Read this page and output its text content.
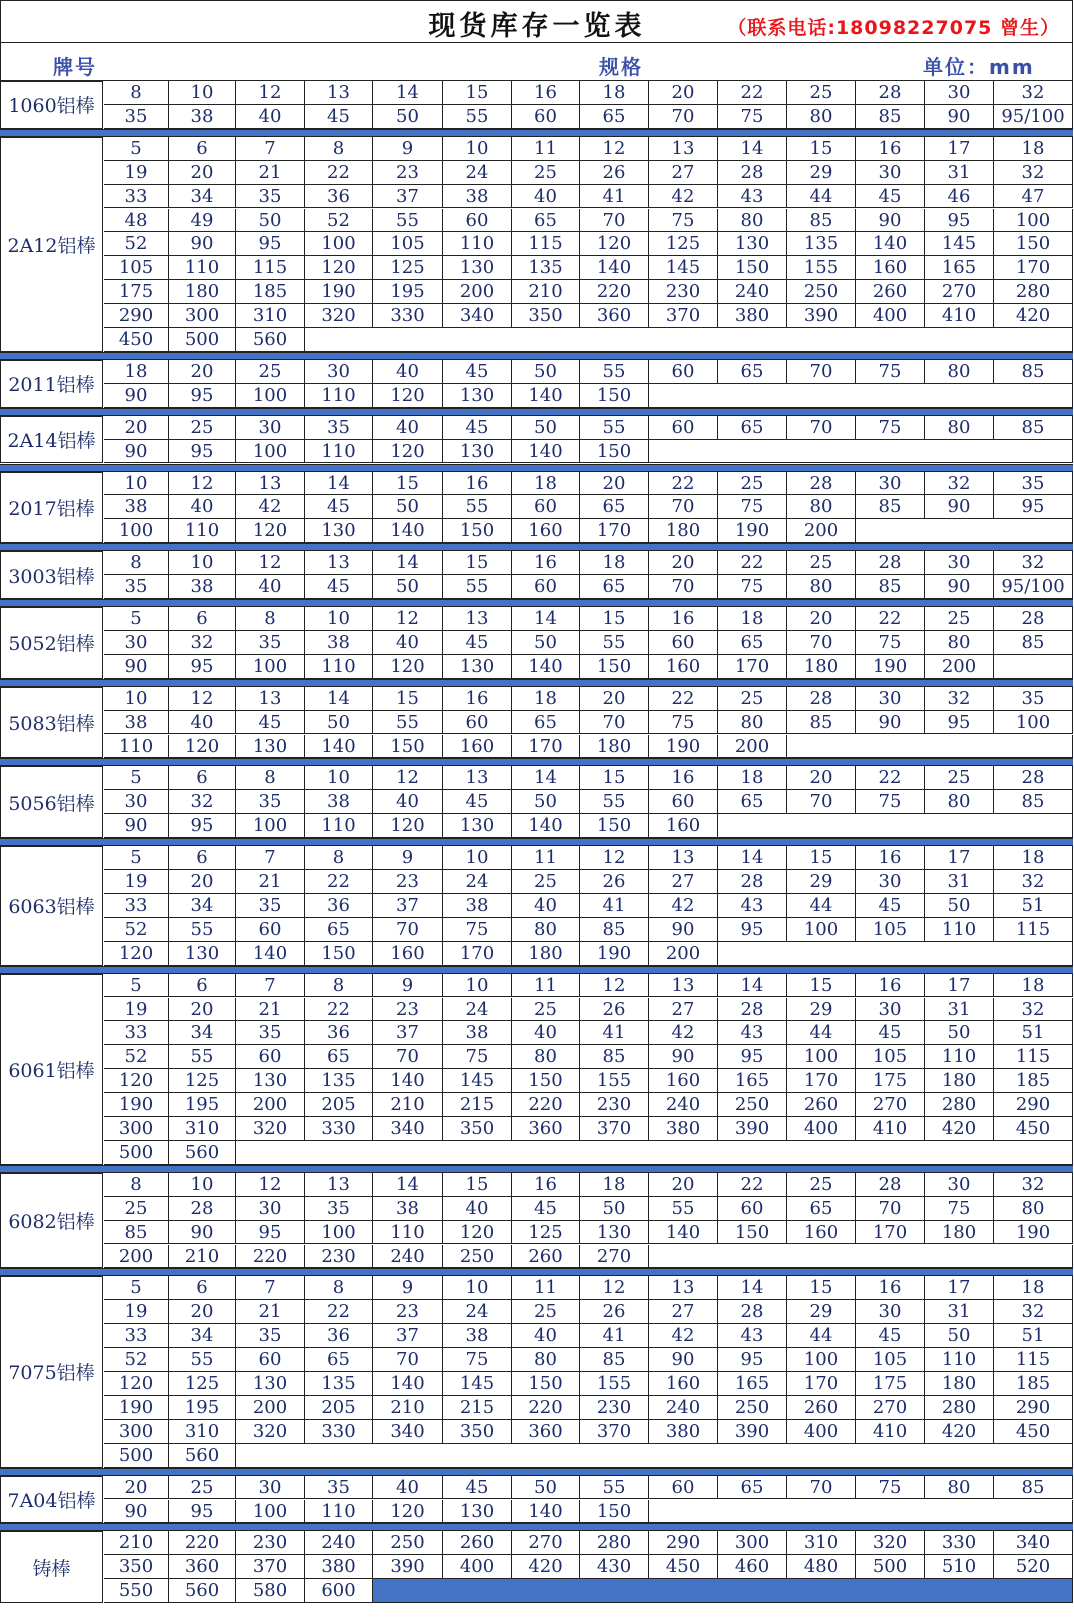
现货库存一览表	（联系电话:18098227075 曾生）
牌号	规格	单位：mm
1060铝棒
8	10	12	13	14	15	16	18	20	22	25	28	30	32
35	38	40	45	50	55	60	65	70	75	80	85	90	95/100
2A12铝棒
5	6	7	8	9	10	11	12	13	14	15	16	17	18
19	20	21	22	23	24	25	26	27	28	29	30	31	32
33	34	35	36	37	38	40	41	42	43	44	45	46	47
48	49	50	52	55	60	65	70	75	80	85	90	95	100
52	90	95	100	105	110	115	120	125	130	135	140	145	150
105	110	115	120	125	130	135	140	145	150	155	160	165	170
175	180	185	190	195	200	210	220	230	240	250	260	270	280
290	300	310	320	330	340	350	360	370	380	390	400	410	420
450	500	560
2011铝棒
18	20	25	30	40	45	50	55	60	65	70	75	80	85
90	95	100	110	120	130	140	150
2A14铝棒
20	25	30	35	40	45	50	55	60	65	70	75	80	85
90	95	100	110	120	130	140	150
2017铝棒
10	12	13	14	15	16	18	20	22	25	28	30	32	35
38	40	42	45	50	55	60	65	70	75	80	85	90	95
100	110	120	130	140	150	160	170	180	190	200
3003铝棒
8	10	12	13	14	15	16	18	20	22	25	28	30	32
35	38	40	45	50	55	60	65	70	75	80	85	90	95/100
5052铝棒
5	6	8	10	12	13	14	15	16	18	20	22	25	28
30	32	35	38	40	45	50	55	60	65	70	75	80	85
90	95	100	110	120	130	140	150	160	170	180	190	200
5083铝棒
10	12	13	14	15	16	18	20	22	25	28	30	32	35
38	40	45	50	55	60	65	70	75	80	85	90	95	100
110	120	130	140	150	160	170	180	190	200
5056铝棒
5	6	8	10	12	13	14	15	16	18	20	22	25	28
30	32	35	38	40	45	50	55	60	65	70	75	80	85
90	95	100	110	120	130	140	150	160
6063铝棒
5	6	7	8	9	10	11	12	13	14	15	16	17	18
19	20	21	22	23	24	25	26	27	28	29	30	31	32
33	34	35	36	37	38	40	41	42	43	44	45	50	51
52	55	60	65	70	75	80	85	90	95	100	105	110	115
120	130	140	150	160	170	180	190	200
6061铝棒
5	6	7	8	9	10	11	12	13	14	15	16	17	18
19	20	21	22	23	24	25	26	27	28	29	30	31	32
33	34	35	36	37	38	40	41	42	43	44	45	50	51
52	55	60	65	70	75	80	85	90	95	100	105	110	115
120	125	130	135	140	145	150	155	160	165	170	175	180	185
190	195	200	205	210	215	220	230	240	250	260	270	280	290
300	310	320	330	340	350	360	370	380	390	400	410	420	450
500	560
6082铝棒
8	10	12	13	14	15	16	18	20	22	25	28	30	32
25	28	30	35	38	40	45	50	55	60	65	70	75	80
85	90	95	100	110	120	125	130	140	150	160	170	180	190
200	210	220	230	240	250	260	270
7075铝棒
5	6	7	8	9	10	11	12	13	14	15	16	17	18
19	20	21	22	23	24	25	26	27	28	29	30	31	32
33	34	35	36	37	38	40	41	42	43	44	45	50	51
52	55	60	65	70	75	80	85	90	95	100	105	110	115
120	125	130	135	140	145	150	155	160	165	170	175	180	185
190	195	200	205	210	215	220	230	240	250	260	270	280	290
300	310	320	330	340	350	360	370	380	390	400	410	420	450
500	560
7A04铝棒
20	25	30	35	40	45	50	55	60	65	70	75	80	85
90	95	100	110	120	130	140	150
铸棒
210	220	230	240	250	260	270	280	290	300	310	320	330	340
350	360	370	380	390	400	420	430	450	460	480	500	510	520
550	560	580	600
